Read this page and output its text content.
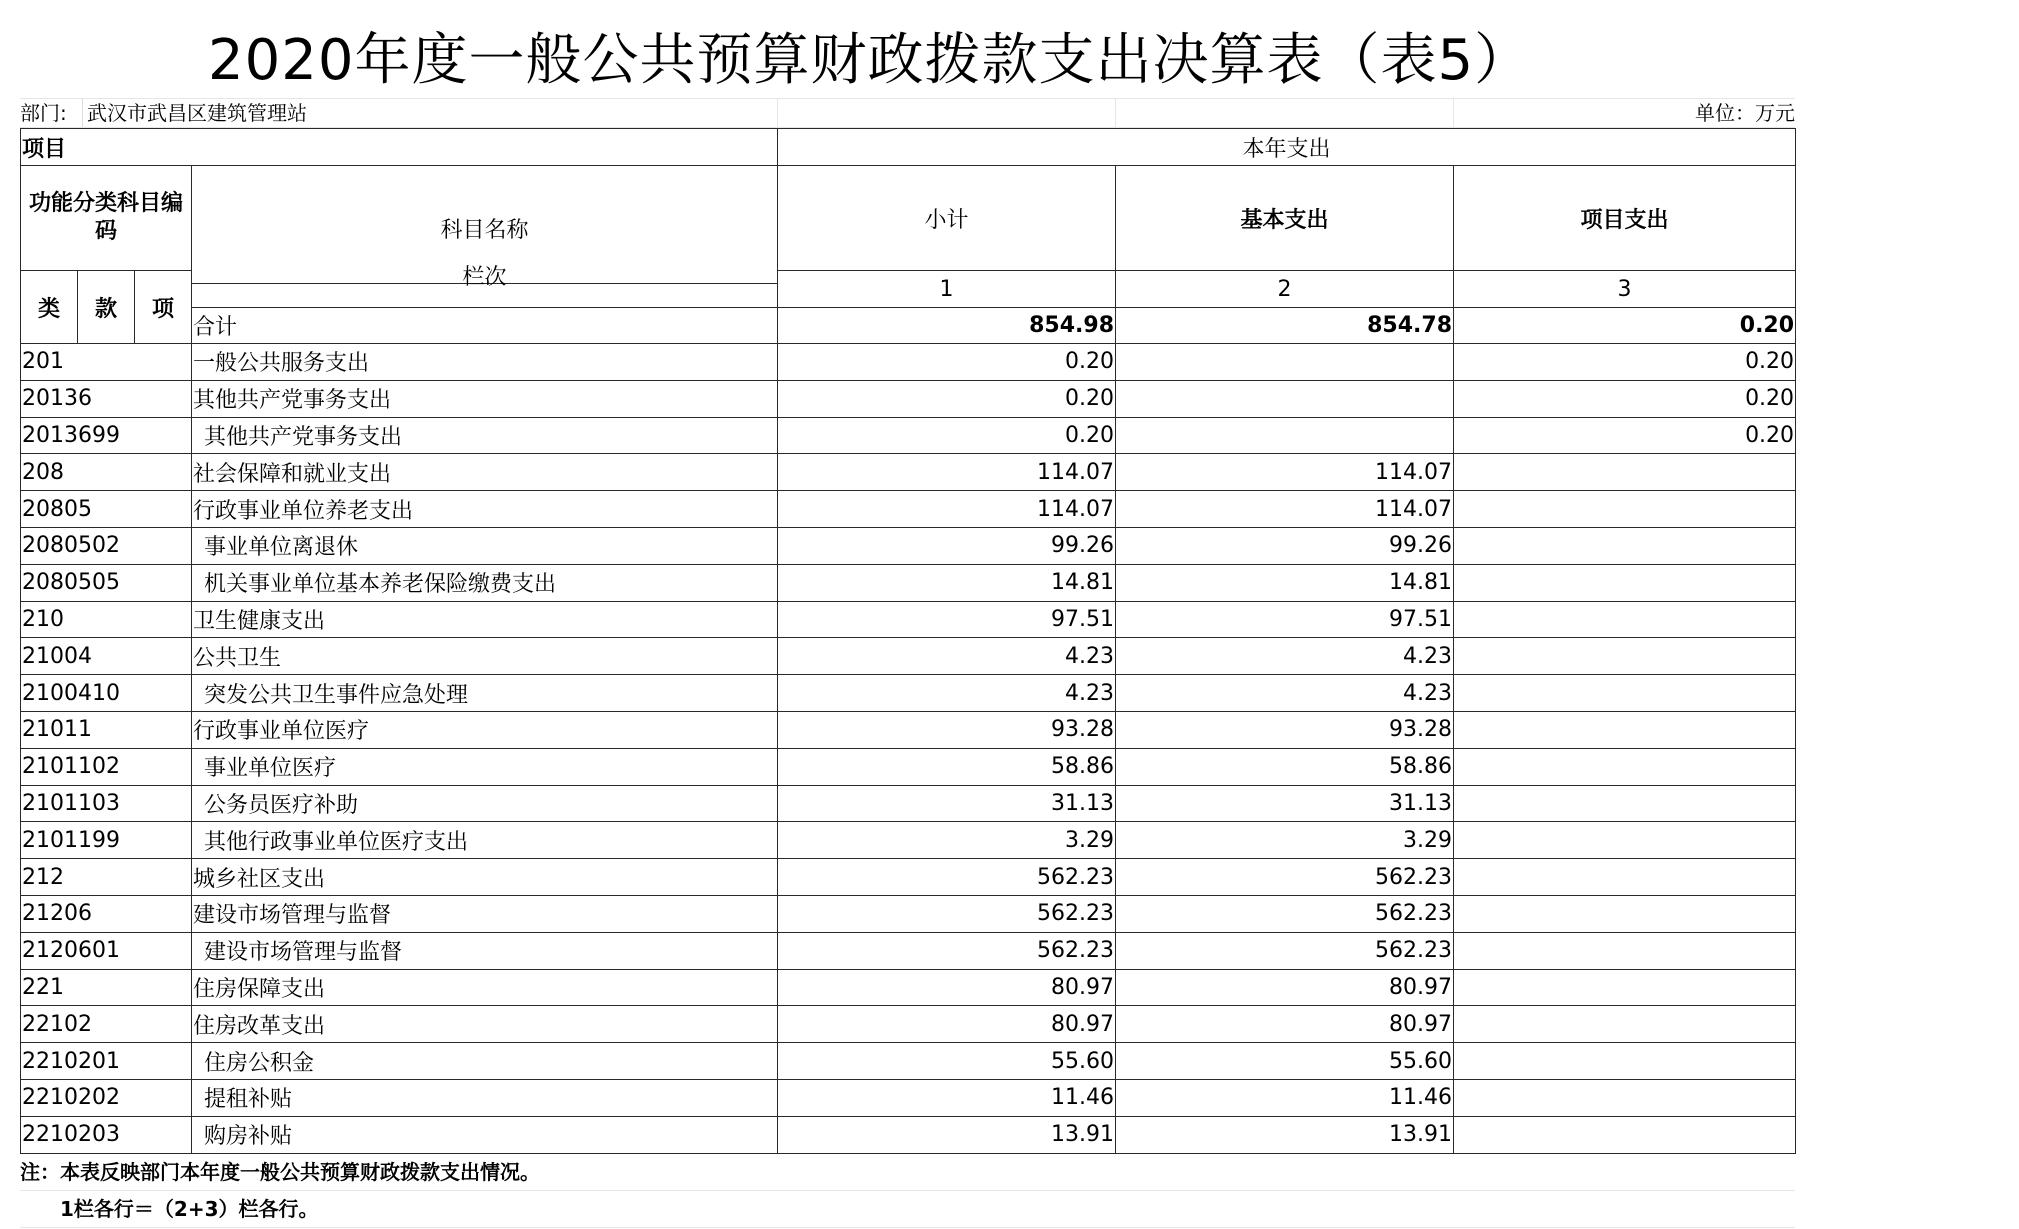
2020年度一般公共预算财政拨款支出决算表（表5）
部门: 武汉市武昌区建筑管理站	单位：万元
项目				本年支出		
功能分类科目编码			科目名称
栏次	小计	基本支出	项目支出
类	款	项		1	2	3
			合计	854.98	854.78	0.20
201			一般公共服务支出	0.20		0.20
20136			其他共产党事务支出	0.20		0.20
2013699			其他共产党事务支出	0.20		0.20
208			社会保障和就业支出	114.07	114.07	
20805			行政事业单位养老支出	114.07	114.07	
2080502			事业单位离退休	99.26	99.26	
2080505			机关事业单位基本养老保险缴费支出	14.81	14.81	
210			卫生健康支出	97.51	97.51	
21004			公共卫生	4.23	4.23	
2100410			突发公共卫生事件应急处理	4.23	4.23	
21011			行政事业单位医疗	93.28	93.28	
2101102			事业单位医疗	58.86	58.86	
2101103			公务员医疗补助	31.13	31.13	
2101199			其他行政事业单位医疗支出	3.29	3.29	
212			城乡社区支出	562.23	562.23	
21206			建设市场管理与监督	562.23	562.23	
2120601			建设市场管理与监督	562.23	562.23	
221			住房保障支出	80.97	80.97	
22102			住房改革支出	80.97	80.97	
2210201			住房公积金	55.60	55.60	
2210202			提租补贴	11.46	11.46	
2210203			购房补贴	13.91	13.91	
注：本表反映部门本年度一般公共预算财政拨款支出情况。
1栏各行＝（2+3）栏各行。
